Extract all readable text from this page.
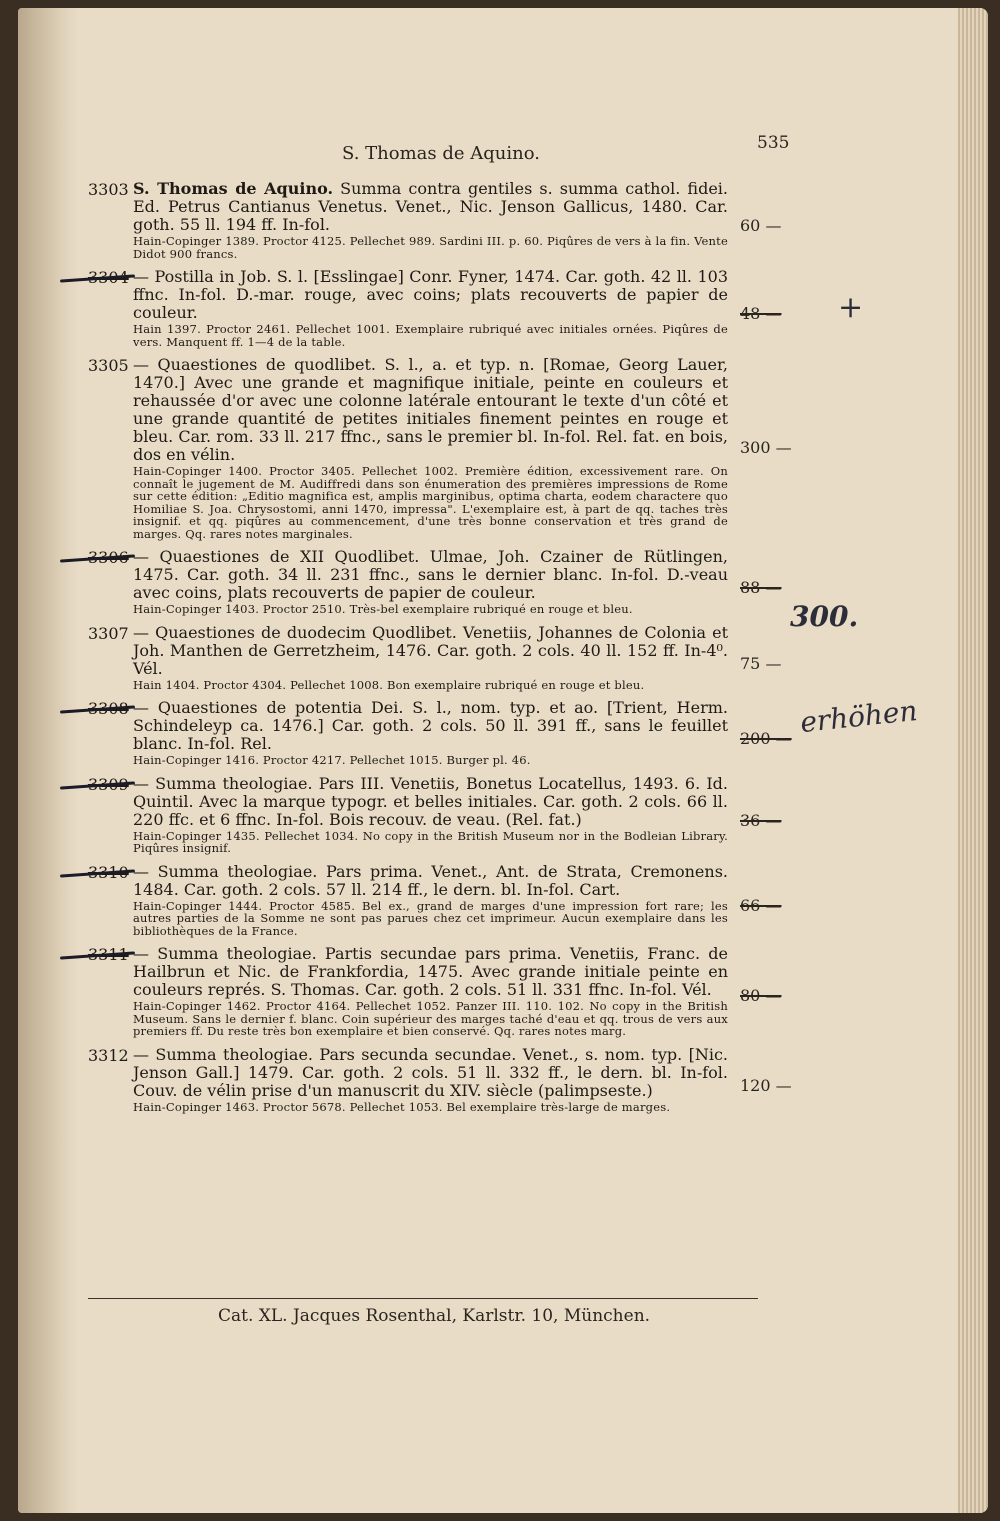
S. Thomas de Aquino.	535
3303 S. Thomas de Aquino. Summa contra gentiles s. summa cathol. fidei. Ed. Petrus Cantianus Venetus. Venet., Nic. Jenson Gallicus, 1480. Car. goth. 55 ll. 194 ff. In-fol.
Hain-Copinger 1389. Proctor 4125. Pellechet 989. Sardini III. p. 60. Piqûres de vers à la fin. Vente Didot 900 francs.
— Postilla in Job. S. l. [Esslingae] Conr. Fyner, 1474. Car. goth. 42 ll. 103 ffnc. In-fol. D.-mar. rouge, avec coins; plats recouverts de papier de couleur.
Hain 1397. Proctor 2461. Pellechet 1001. Exemplaire rubriqué avec initiales ornées. Piqûres de vers. Manquent ff. 1—4 de la table.
3305 — Quaestiones de quodlibet. S. l., a. et typ. n. [Romae, Georg Lauer, 1470.] Avec une grande et magnifique initiale, peinte en couleurs et rehaussée d'or avec une colonne latérale entourant le texte d'un côté et une grande quantité de petites initiales finement peintes en rouge et bleu. Car. rom. 33 ll. 217 ffnc., sans le premier bl. In-fol. Rel. fat. en bois, dos en vélin.
Hain-Copinger 1400. Proctor 3405. Pellechet 1002. Première édition, excessivement rare. On connaît le jugement de M. Audiffredi dans son énumeration des premières impressions de Rome sur cette édition: „Editio magnifica est, amplis marginibus, optima charta, eodem charactere quo Homiliae S. Joa. Chrysostomi, anni 1470, impressa". L'exemplaire est, à part de qq. taches très insignif. et qq. piqûres au commencement, d'une très bonne conservation et très grand de marges. Qq. rares notes marginales.
— Quaestiones de XII Quodlibet. Ulmae, Joh. Czainer de Rütlingen, 1475. Car. goth. 34 ll. 231 ffnc., sans le dernier blanc. In-fol. D.-veau avec coins, plats recouverts de papier de couleur.
Hain-Copinger 1403. Proctor 2510. Très-bel exemplaire rubriqué en rouge et bleu.
3307 — Quaestiones de duodecim Quodlibet. Venetiis, Johannes de Colonia et Joh. Manthen de Gerretzheim, 1476. Car. goth. 2 cols. 40 ll. 152 ff. In-4⁰. Vél.
Hain 1404. Proctor 4304. Pellechet 1008. Bon exemplaire rubriqué en rouge et bleu.
— Quaestiones de potentia Dei. S. l., nom. typ. et ao. [Trient, Herm. Schindeleyp ca. 1476.] Car. goth. 2 cols. 50 ll. 391 ff., sans le feuillet blanc. In-fol. Rel.
Hain-Copinger 1416. Proctor 4217. Pellechet 1015. Burger pl. 46.
— Summa theologiae. Pars III. Venetiis, Bonetus Locatellus, 1493. 6. Id. Quintil. Avec la marque typogr. et belles initiales. Car. goth. 2 cols. 66 ll. 220 ffc. et 6 ffnc. In-fol. Bois recouv. de veau. (Rel. fat.)
Hain-Copinger 1435. Pellechet 1034. No copy in the British Museum nor in the Bodleian Library. Piqûres insignif.
— Summa theologiae. Pars prima. Venet., Ant. de Strata, Cremonens. 1484. Car. goth. 2 cols. 57 ll. 214 ff., le dern. bl. In-fol. Cart.
Hain-Copinger 1444. Proctor 4585. Bel ex., grand de marges d'une impression fort rare; les autres parties de la Somme ne sont pas parues chez cet imprimeur. Aucun exemplaire dans les bibliothèques de la France.
— Summa theologiae. Partis secundae pars prima. Venetiis, Franc. de Hailbrun et Nic. de Frankfordia, 1475. Avec grande initiale peinte en couleurs représ. S. Thomas. Car. goth. 2 cols. 51 ll. 331 ffnc. In-fol. Vél.
Hain-Copinger 1462. Proctor 4164. Pellechet 1052. Panzer III. 110. 102. No copy in the British Museum. Sans le dernier f. blanc. Coin supérieur des marges taché d'eau et qq. trous de vers aux premiers ff. Du reste très bon exemplaire et bien conservé. Qq. rares notes marg.
3312 — Summa theologiae. Pars secunda secundae. Venet., s. nom. typ. [Nic. Jenson Gall.] 1479. Car. goth. 2 cols. 51 ll. 332 ff., le dern. bl. In-fol. Couv. de vélin prise d'un manuscrit du XIV. siècle (palimpseste.)
Hain-Copinger 1463. Proctor 5678. Pellechet 1053. Bel exemplaire très-large de marges.
60 —
48 —
300 —
88 —
75 —
200 —
36 —
66 —
80 —
120 —
+
300.
erhöhen
Cat. XL. Jacques Rosenthal, Karlstr. 10, München.
